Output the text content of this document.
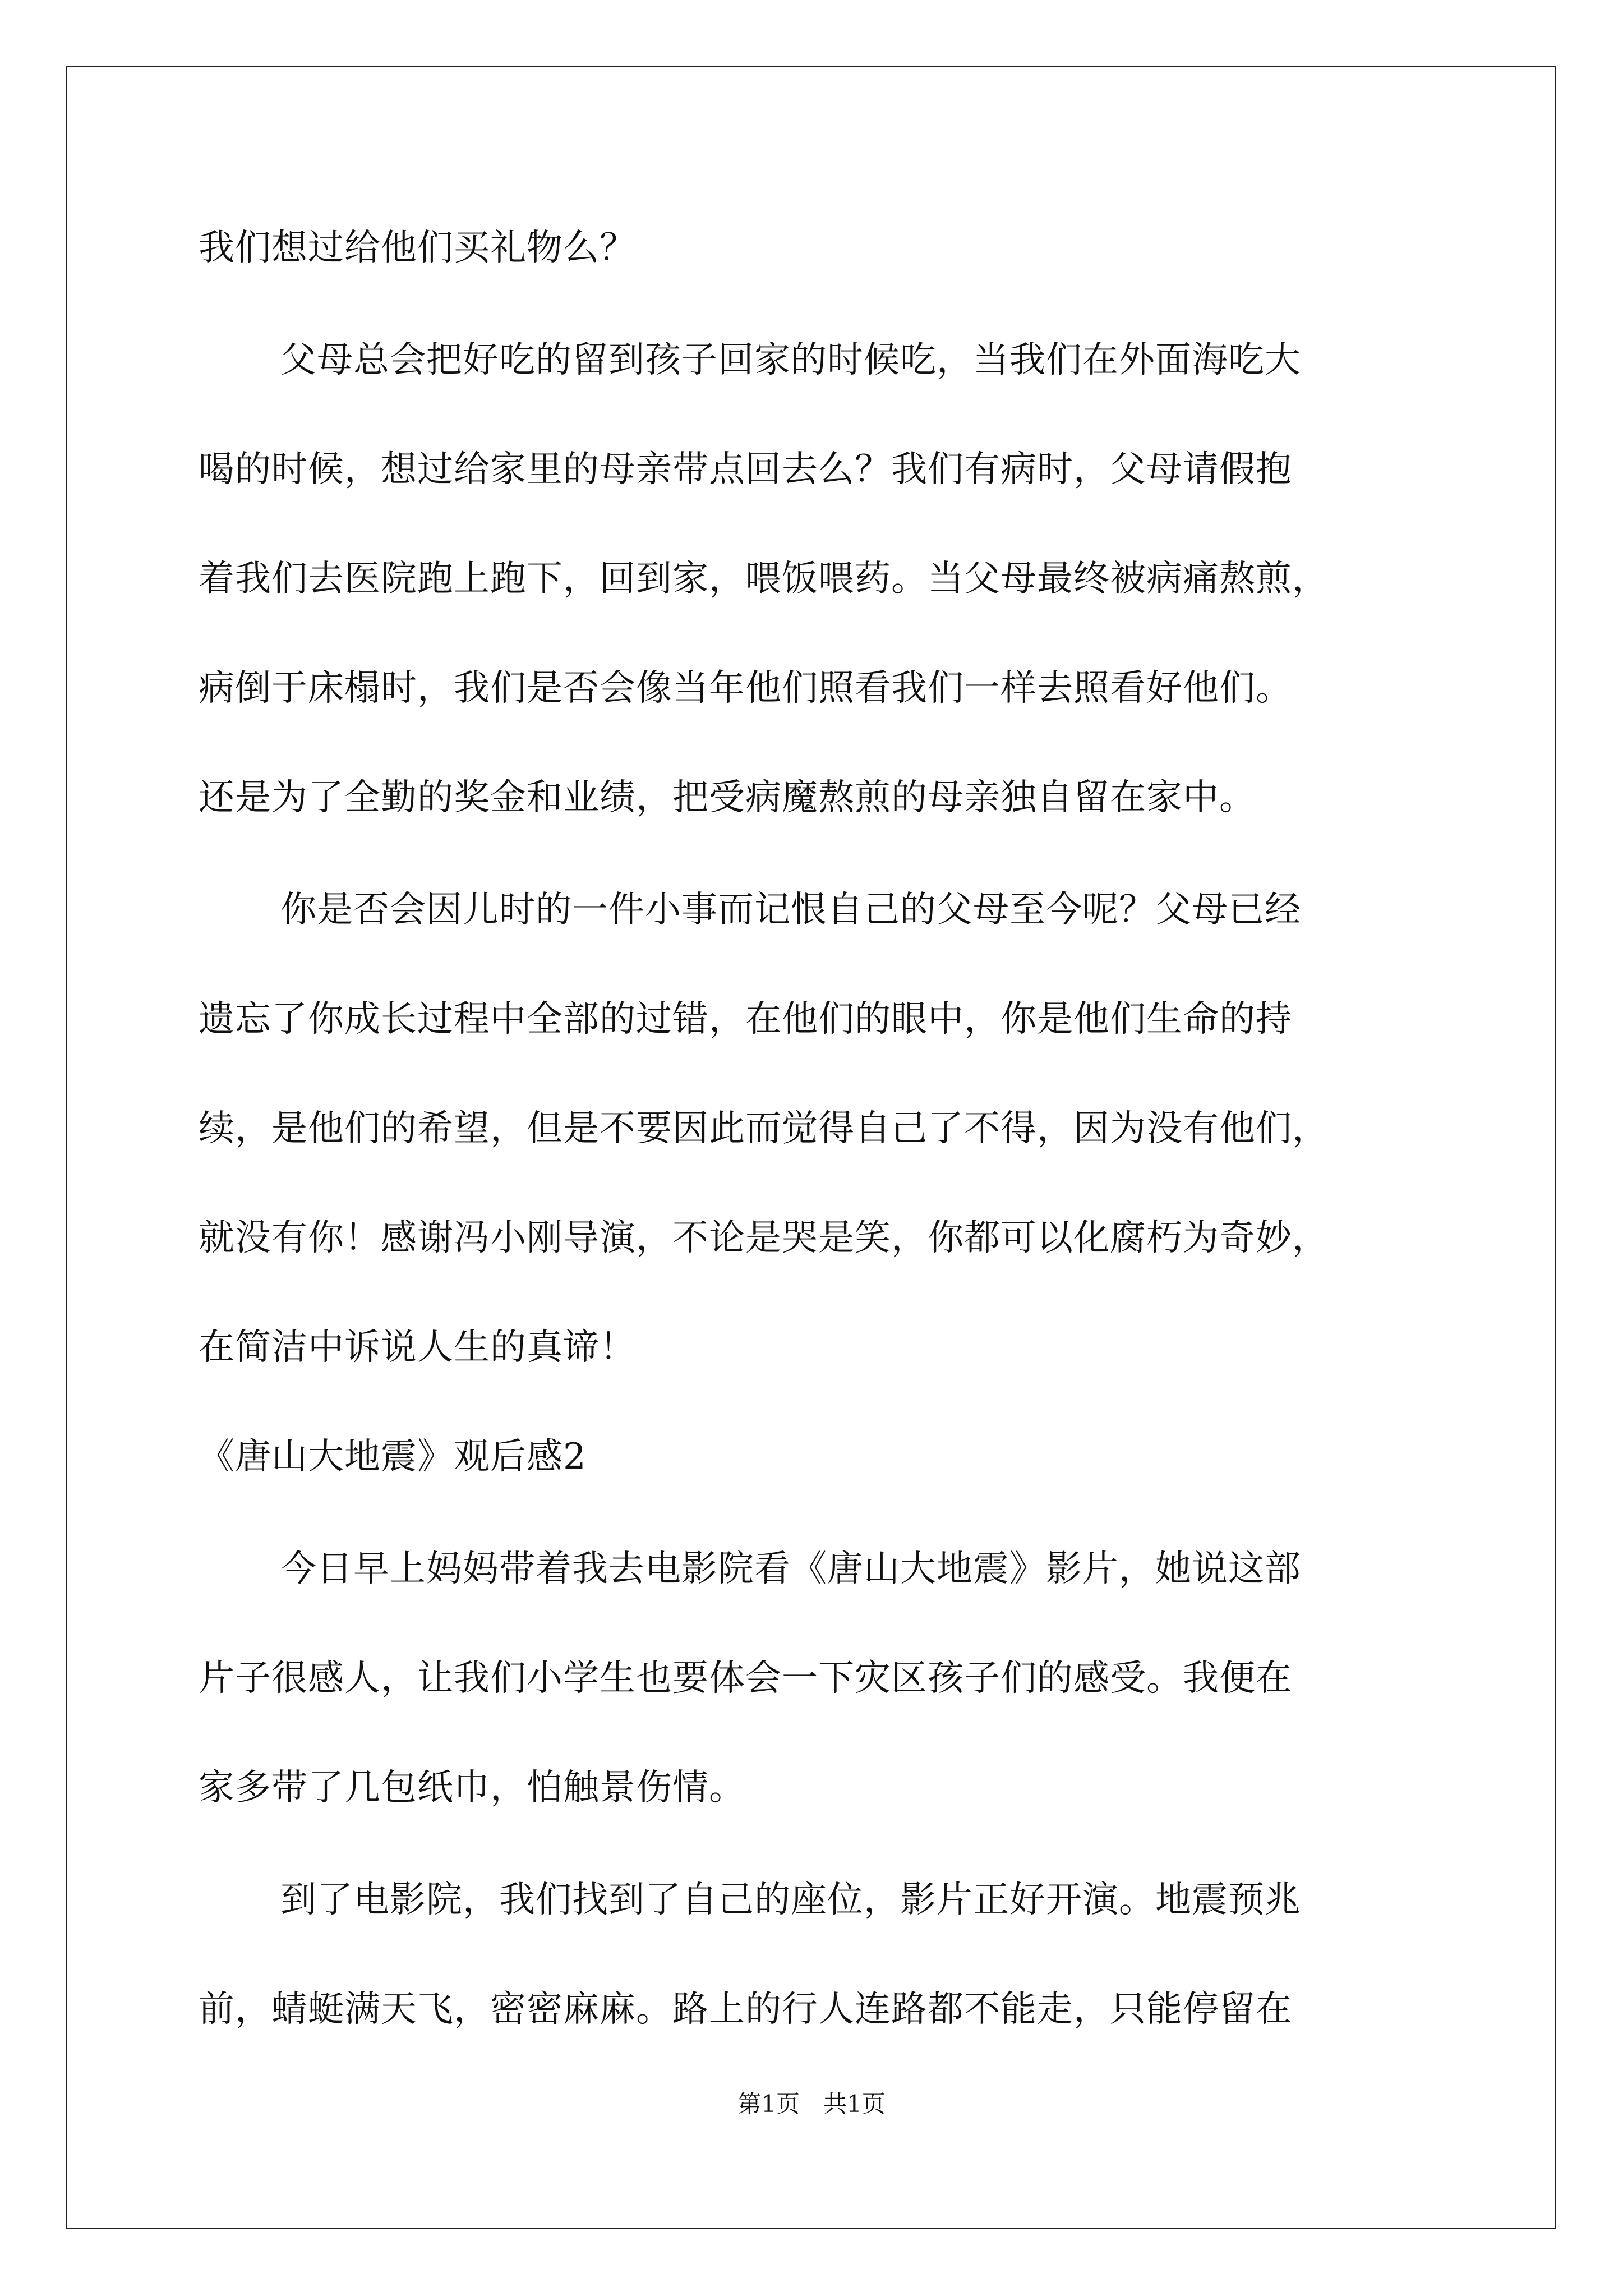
我们想过给他们买礼物么？
父母总会把好吃的留到孩子回家的时候吃，当我们在外面海吃大
喝的时候，想过给家里的母亲带点回去么？我们有病时，父母请假抱
着我们去医院跑上跑下，回到家，喂饭喂药。当父母最终被病痛熬煎，
病倒于床榻时，我们是否会像当年他们照看我们一样去照看好他们。
还是为了全勤的奖金和业绩，把受病魔熬煎的母亲独自留在家中。
你是否会因儿时的一件小事而记恨自己的父母至今呢？父母已经
遗忘了你成长过程中全部的过错，在他们的眼中，你是他们生命的持
续，是他们的希望，但是不要因此而觉得自己了不得，因为没有他们，
就没有你！感谢冯小刚导演，不论是哭是笑，你都可以化腐朽为奇妙，
在简洁中诉说人生的真谛！
《唐山大地震》观后感2
今日早上妈妈带着我去电影院看《唐山大地震》影片，她说这部
片子很感人，让我们小学生也要体会一下灾区孩子们的感受。我便在
家多带了几包纸巾，怕触景伤情。
到了电影院，我们找到了自己的座位，影片正好开演。地震预兆
前，蜻蜓满天飞，密密麻麻。路上的行人连路都不能走，只能停留在
第1页　共1页
